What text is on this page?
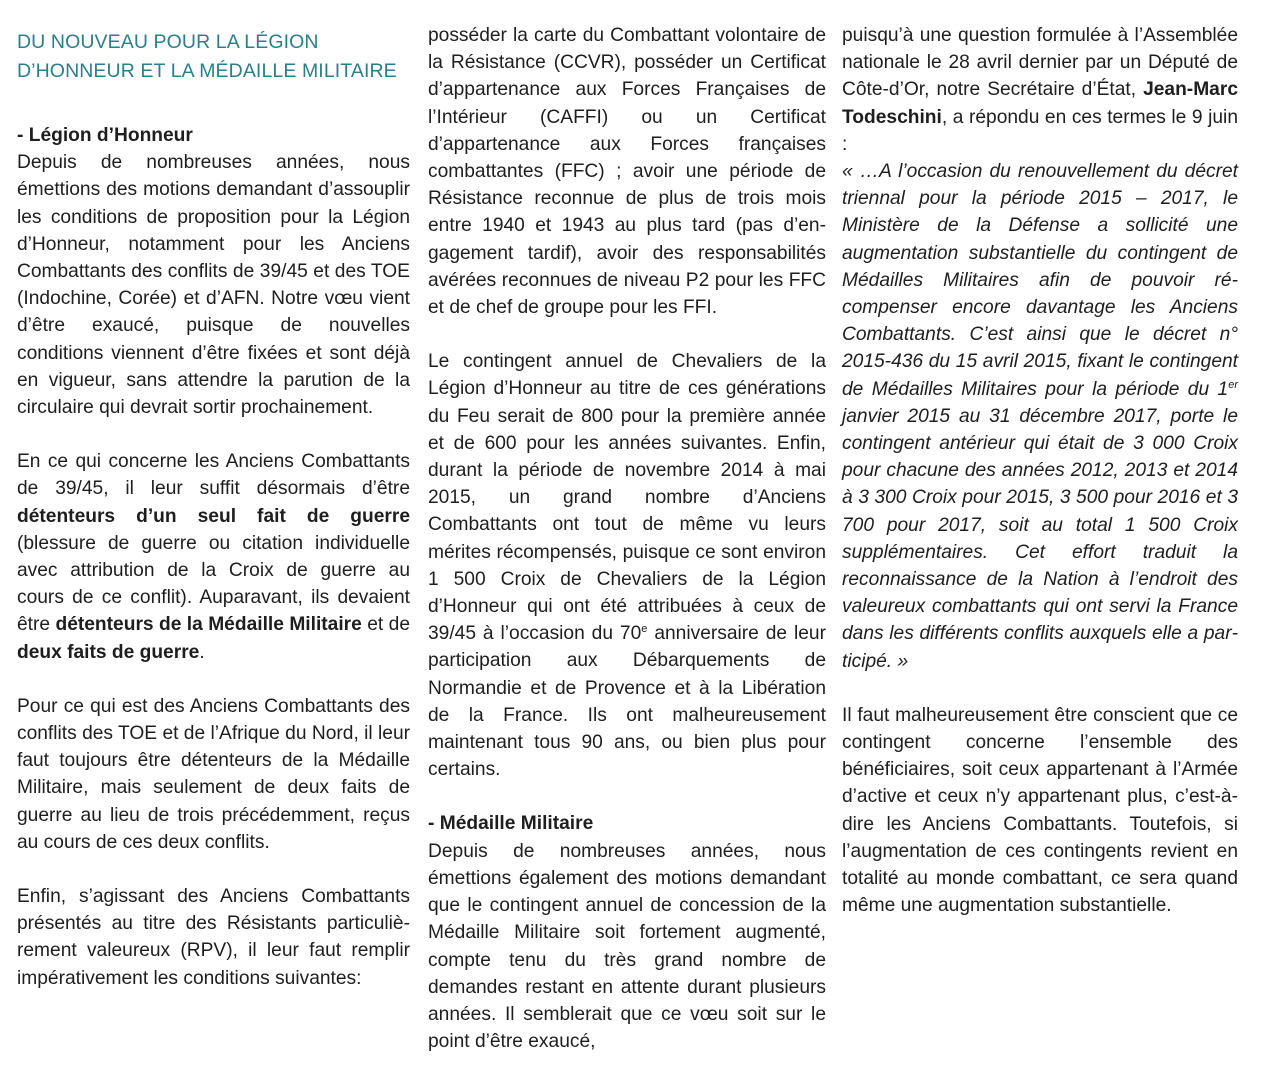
DU NOUVEAU POUR LA LÉGION D’HONNEUR ET LA MÉDAILLE MILITAIRE

- Légion d’Honneur

Depuis de nombreuses années, nous émettions des motions demandant d’assouplir les conditions de proposition pour la Légion d’Honneur, notamment pour les Anciens Combattants des conflits de 39/45 et des TOE (Indochine, Corée) et d’AFN. Notre vœu vient d’être exaucé, puisque de nouvelles conditions viennent d’être fixées et sont déjà en vigueur, sans attendre la parution de la circulaire qui devrait sortir prochainement.

En ce qui concerne les Anciens Combattants de 39/45, il leur suffit désormais d’être détenteurs d’un seul fait de guerre (blessure de guerre ou citation individuelle avec attribution de la Croix de guerre au cours de ce conflit). Auparavant, ils devaient être détenteurs de la Médaille Militaire et de deux faits de guerre.

Pour ce qui est des Anciens Combattants des conflits des TOE et de l’Afrique du Nord, il leur faut toujours être détenteurs de la Médaille Militaire, mais seulement de deux faits de guerre au lieu de trois précédemment, reçus au cours de ces deux conflits.

Enfin, s’agissant des Anciens Combattants présentés au titre des Résistants particulièrement valeureux (RPV), il leur faut remplir impérativement les conditions suivantes:

posséder la carte du Combattant volontaire de la Résistance (CCVR), posséder un Certificat d’appartenance aux Forces Françaises de l’Intérieur (CAFFI) ou un Certificat d’appartenance aux Forces françaises combattantes (FFC) ; avoir une période de Résistance reconnue de plus de trois mois entre 1940 et 1943 au plus tard (pas d’engagement tardif), avoir des responsabilités avérées reconnues de niveau P2 pour les FFC et de chef de groupe pour les FFI.

Le contingent annuel de Chevaliers de la Légion d’Honneur au titre de ces générations du Feu serait de 800 pour la première année et de 600 pour les années suivantes. Enfin, durant la période de novembre 2014 à mai 2015, un grand nombre d’Anciens Combattants ont tout de même vu leurs mérites récompensés, puisque ce sont environ 1 500 Croix de Chevaliers de la Légion d’Honneur qui ont été attribuées à ceux de 39/45 à l’occasion du 70e anniversaire de leur participation aux Débarquements de Normandie et de Provence et à la Libération de la France. Ils ont malheureusement maintenant tous 90 ans, ou bien plus pour certains.

- Médaille Militaire

Depuis de nombreuses années, nous émettions également des motions demandant que le contingent annuel de concession de la Médaille Militaire soit fortement augmenté, compte tenu du très grand nombre de demandes restant en attente durant plusieurs années. Il semblerait que ce vœu soit sur le point d’être exaucé,

puisqu’à une question formulée à l’Assemblée nationale le 28 avril dernier par un Député de Côte-d’Or, notre Secrétaire d’État, Jean-Marc Todeschini, a répondu en ces termes le 9 juin :

« …A l’occasion du renouvellement du décret triennal pour la période 2015 – 2017, le Ministère de la Défense a sollicité une augmentation substantielle du contingent de Médailles Militaires afin de pouvoir récompenser encore davantage les Anciens Combattants. C’est ainsi que le décret n° 2015-436 du 15 avril 2015, fixant le contingent de Médailles Militaires pour la période du 1er janvier 2015 au 31 décembre 2017, porte le contingent antérieur qui était de 3 000 Croix pour chacune des années 2012, 2013 et 2014 à 3 300 Croix pour 2015, 3 500 pour 2016 et 3 700 pour 2017, soit au total 1 500 Croix supplémentaires. Cet effort traduit la reconnaissance de la Nation à l’endroit des valeureux combattants qui ont servi la France dans les différents conflits auxquels elle a participé. »

Il faut malheureusement être conscient que ce contingent concerne l’ensemble des bénéficiaires, soit ceux appartenant à l’Armée d’active et ceux n’y appartenant plus, c’est-à-dire les Anciens Combattants. Toutefois, si l’augmentation de ces contingents revient en totalité au monde combattant, ce sera quand même une augmentation substantielle.
